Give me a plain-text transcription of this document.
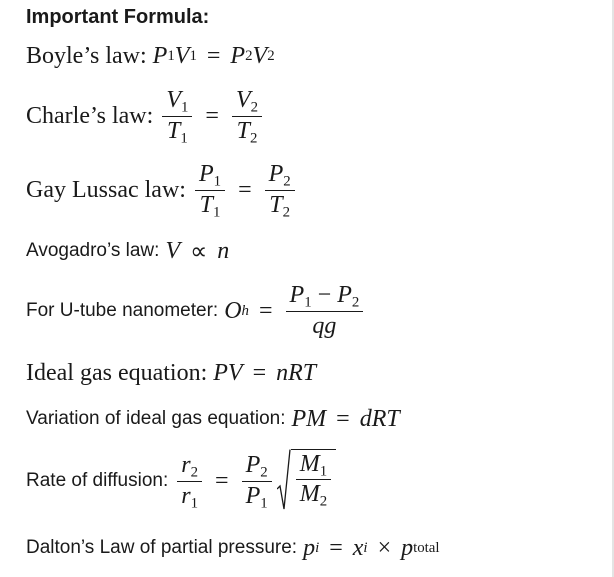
Important Formula:
Boyle’s law: P 1 V 1 = P 2 V 2
Charle’s law: $\frac{V_1}{T_1} = \frac{V_2}{T_2}$
Gay Lussac law: $\frac{P_1}{T_1} = \frac{P_2}{T_2}$
Avogadro’s law: V ∝ n
For U-tube nanometer: O $h = \frac{P_1 - P_2}{qg}$
Ideal gas equation: PV = nRT
Variation of ideal gas equation: PM = dRT
Rate of diffusion: $\frac{r_2}{r_1} = \frac{P_2}{P_1} \frac{M_1}{M_2}$
Dalton’s Law of partial pressure: p i = x i × p total
